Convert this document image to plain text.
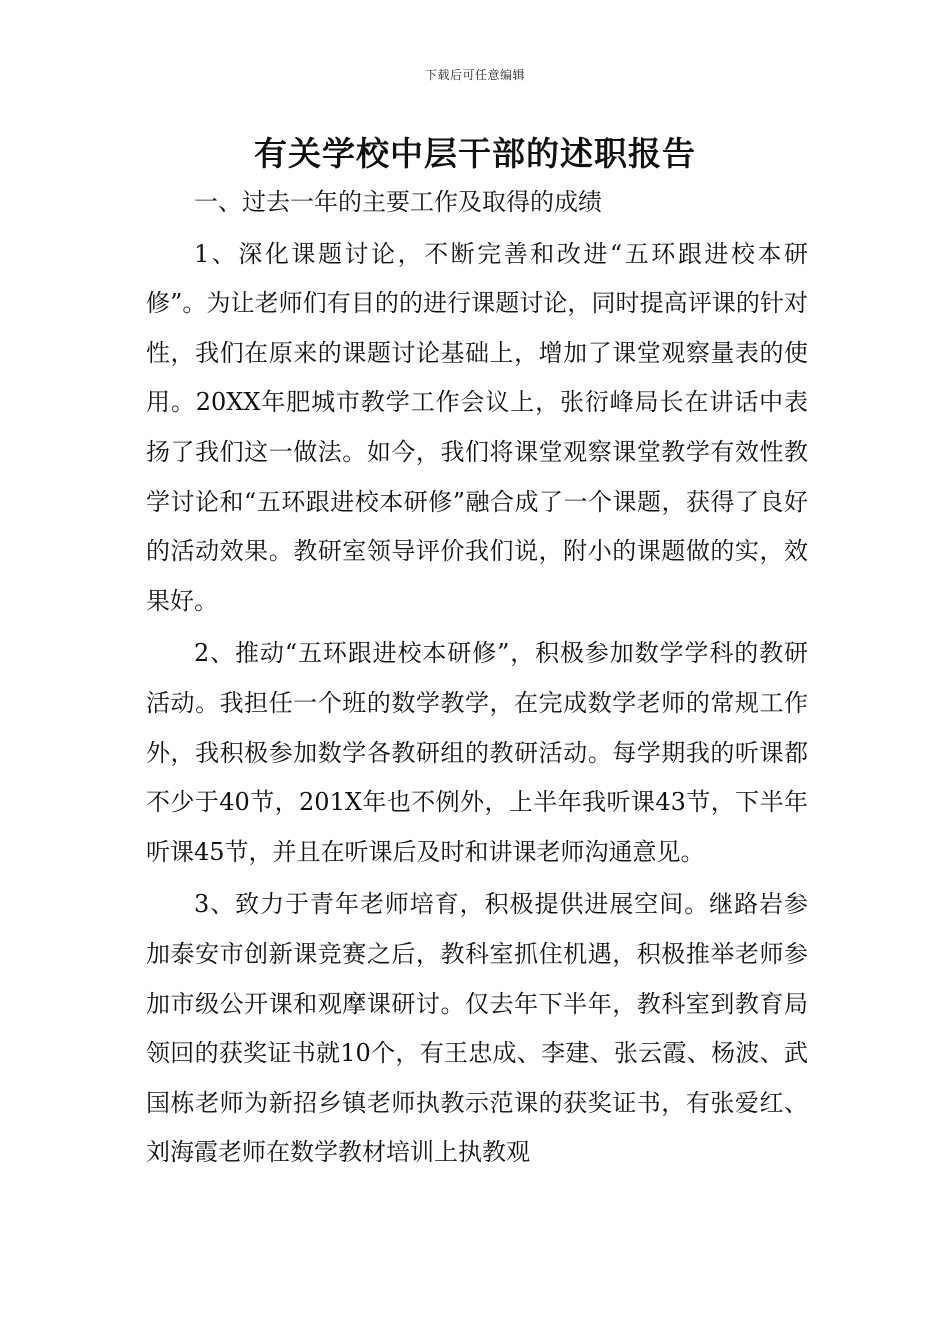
下载后可任意编辑
有关学校中层干部的述职报告

一、过去一年的主要工作及取得的成绩

1、深化课题讨论，不断完善和改进“五环跟进校本研修”。为让老师们有目的的进行课题讨论，同时提高评课的针对性，我们在原来的课题讨论基础上，增加了课堂观察量表的使用。20XX年肥城市教学工作会议上，张衍峰局长在讲话中表扬了我们这一做法。如今，我们将课堂观察课堂教学有效性教学讨论和“五环跟进校本研修”融合成了一个课题，获得了良好的活动效果。教研室领导评价我们说，附小的课题做的实，效果好。

2、推动“五环跟进校本研修”，积极参加数学学科的教研活动。我担任一个班的数学教学，在完成数学老师的常规工作外，我积极参加数学各教研组的教研活动。每学期我的听课都不少于40节，201X年也不例外，上半年我听课43节，下半年听课45节，并且在听课后及时和讲课老师沟通意见。

3、致力于青年老师培育，积极提供进展空间。继路岩参加泰安市创新课竞赛之后，教科室抓住机遇，积极推举老师参加市级公开课和观摩课研讨。仅去年下半年，教科室到教育局领回的获奖证书就10个，有王忠成、李建、张云霞、杨波、武国栋老师为新招乡镇老师执教示范课的获奖证书，有张爱红、刘海霞老师在数学教材培训上执教观
